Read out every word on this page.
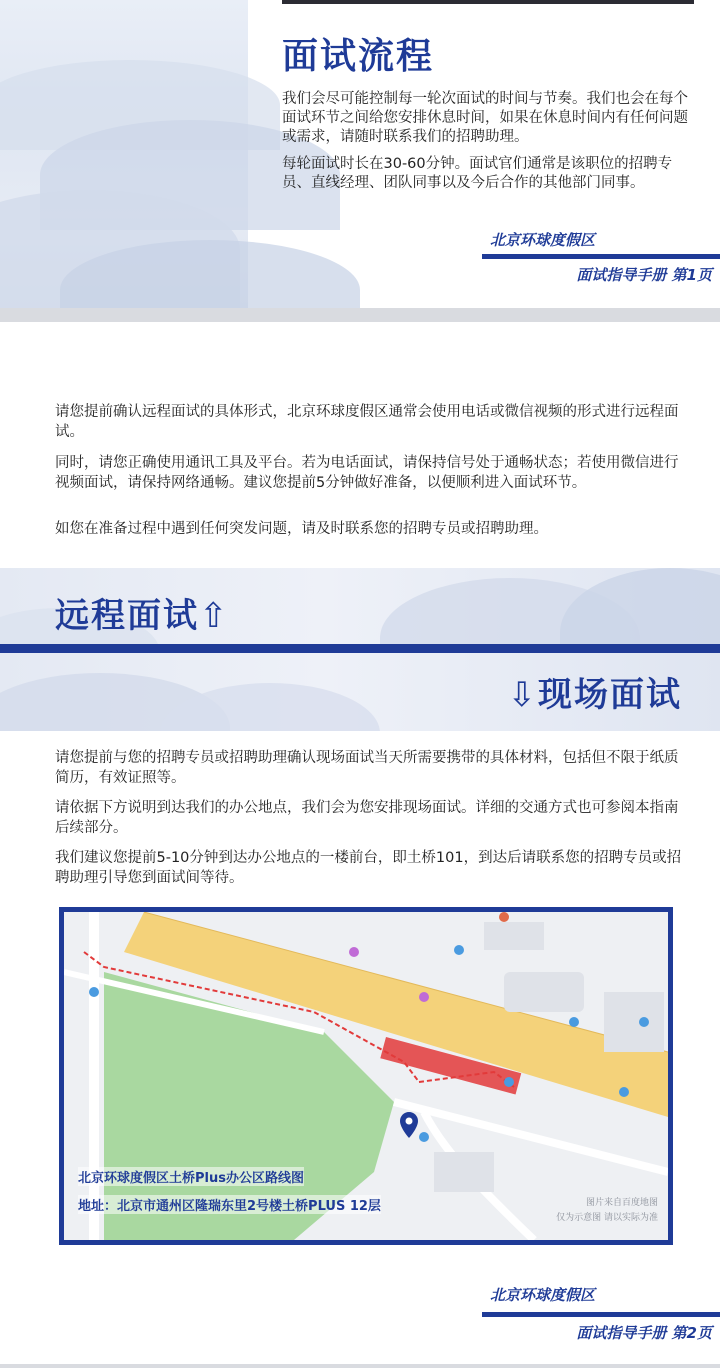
面试流程

我们会尽可能控制每一轮次面试的时间与节奏。我们也会在每个面试环节之间给您安排休息时间，如果在休息时间内有任何问题或需求，请随时联系我们的招聘助理。

每轮面试时长在30-60分钟。面试官们通常是该职位的招聘专员、直线经理、团队同事以及今后合作的其他部门同事。

北京环球度假区
面试指导手册 第1页

请您提前确认远程面试的具体形式，北京环球度假区通常会使用电话或微信视频的形式进行远程面试。

同时，请您正确使用通讯工具及平台。若为电话面试，请保持信号处于通畅状态；若使用微信进行视频面试，请保持网络通畅。建议您提前5分钟做好准备，以便顺利进入面试环节。

如您在准备过程中遇到任何突发问题，请及时联系您的招聘专员或招聘助理。

远程面试⇧
⇩现场面试

请您提前与您的招聘专员或招聘助理确认现场面试当天所需要携带的具体材料，包括但不限于纸质简历，有效证照等。

请依据下方说明到达我们的办公地点，我们会为您安排现场面试。详细的交通方式也可参阅本指南后续部分。

我们建议您提前5-10分钟到达办公地点的一楼前台，即土桥101，到达后请联系您的招聘专员或招聘助理引导您到面试间等待。

北京环球度假区土桥Plus办公区路线图
地址：北京市通州区隆瑞东里2号楼土桥PLUS 12层	图片来自百度地图
仅为示意图 请以实际为准
北京环球度假区
面试指导手册 第2页
